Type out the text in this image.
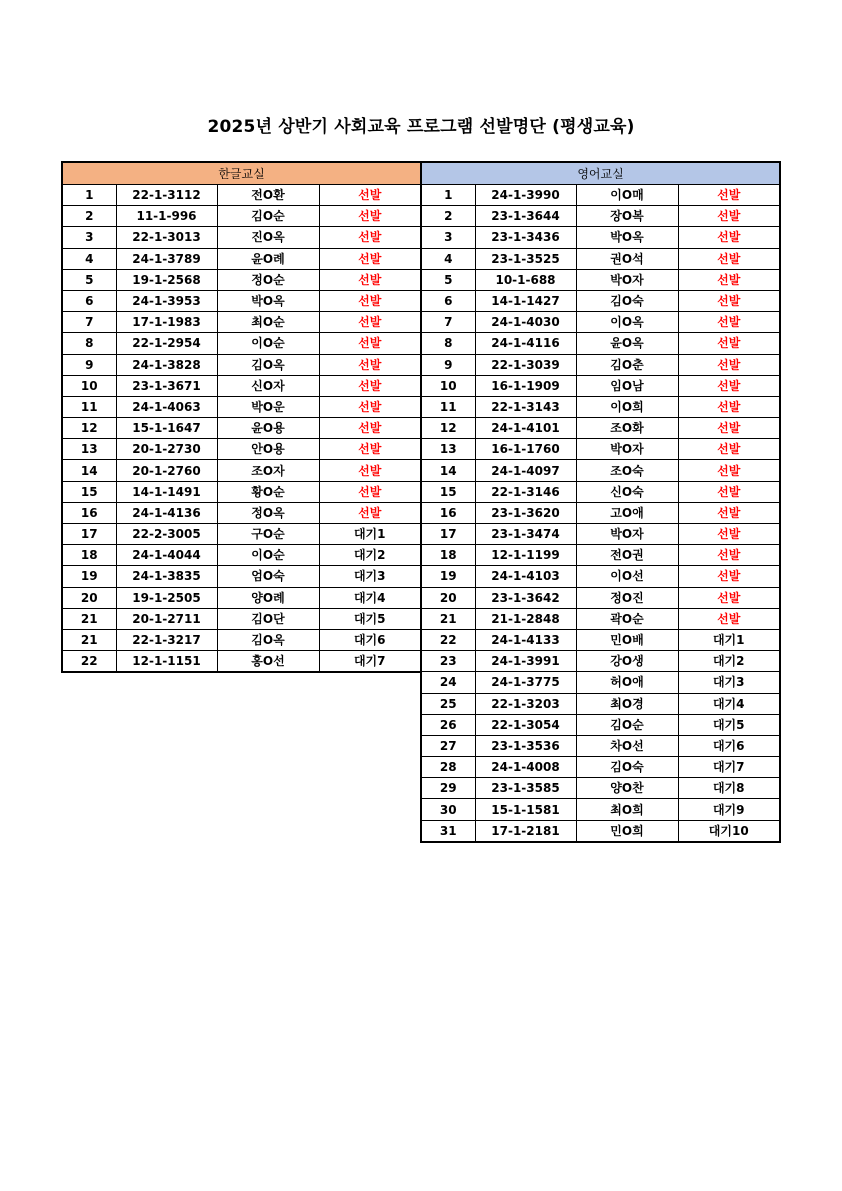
2025년 상반기 사회교육 프로그램 선발명단 (평생교육)
한글교실			
1	22-1-3112	전O환	선발
2	11-1-996	김O순	선발
3	22-1-3013	진O옥	선발
4	24-1-3789	윤O례	선발
5	19-1-2568	정O순	선발
6	24-1-3953	박O옥	선발
7	17-1-1983	최O순	선발
8	22-1-2954	이O순	선발
9	24-1-3828	김O옥	선발
10	23-1-3671	신O자	선발
11	24-1-4063	박O운	선발
12	15-1-1647	윤O용	선발
13	20-1-2730	안O용	선발
14	20-1-2760	조O자	선발
15	14-1-1491	황O순	선발
16	24-1-4136	정O옥	선발
17	22-2-3005	구O순	대기1
18	24-1-4044	이O순	대기2
19	24-1-3835	엄O숙	대기3
20	19-1-2505	양O례	대기4
21	20-1-2711	김O단	대기5
21	22-1-3217	김O옥	대기6
22	12-1-1151	홍O선	대기7
영어교실			
1	24-1-3990	이O매	선발
2	23-1-3644	장O복	선발
3	23-1-3436	박O옥	선발
4	23-1-3525	권O석	선발
5	10-1-688	박O자	선발
6	14-1-1427	김O숙	선발
7	24-1-4030	이O옥	선발
8	24-1-4116	윤O옥	선발
9	22-1-3039	김O춘	선발
10	16-1-1909	임O남	선발
11	22-1-3143	이O희	선발
12	24-1-4101	조O화	선발
13	16-1-1760	박O자	선발
14	24-1-4097	조O숙	선발
15	22-1-3146	신O숙	선발
16	23-1-3620	고O애	선발
17	23-1-3474	박O자	선발
18	12-1-1199	전O권	선발
19	24-1-4103	이O선	선발
20	23-1-3642	정O진	선발
21	21-1-2848	곽O순	선발
22	24-1-4133	민O배	대기1
23	24-1-3991	강O생	대기2
24	24-1-3775	허O애	대기3
25	22-1-3203	최O경	대기4
26	22-1-3054	김O순	대기5
27	23-1-3536	차O선	대기6
28	24-1-4008	김O숙	대기7
29	23-1-3585	양O찬	대기8
30	15-1-1581	최O희	대기9
31	17-1-2181	민O희	대기10
